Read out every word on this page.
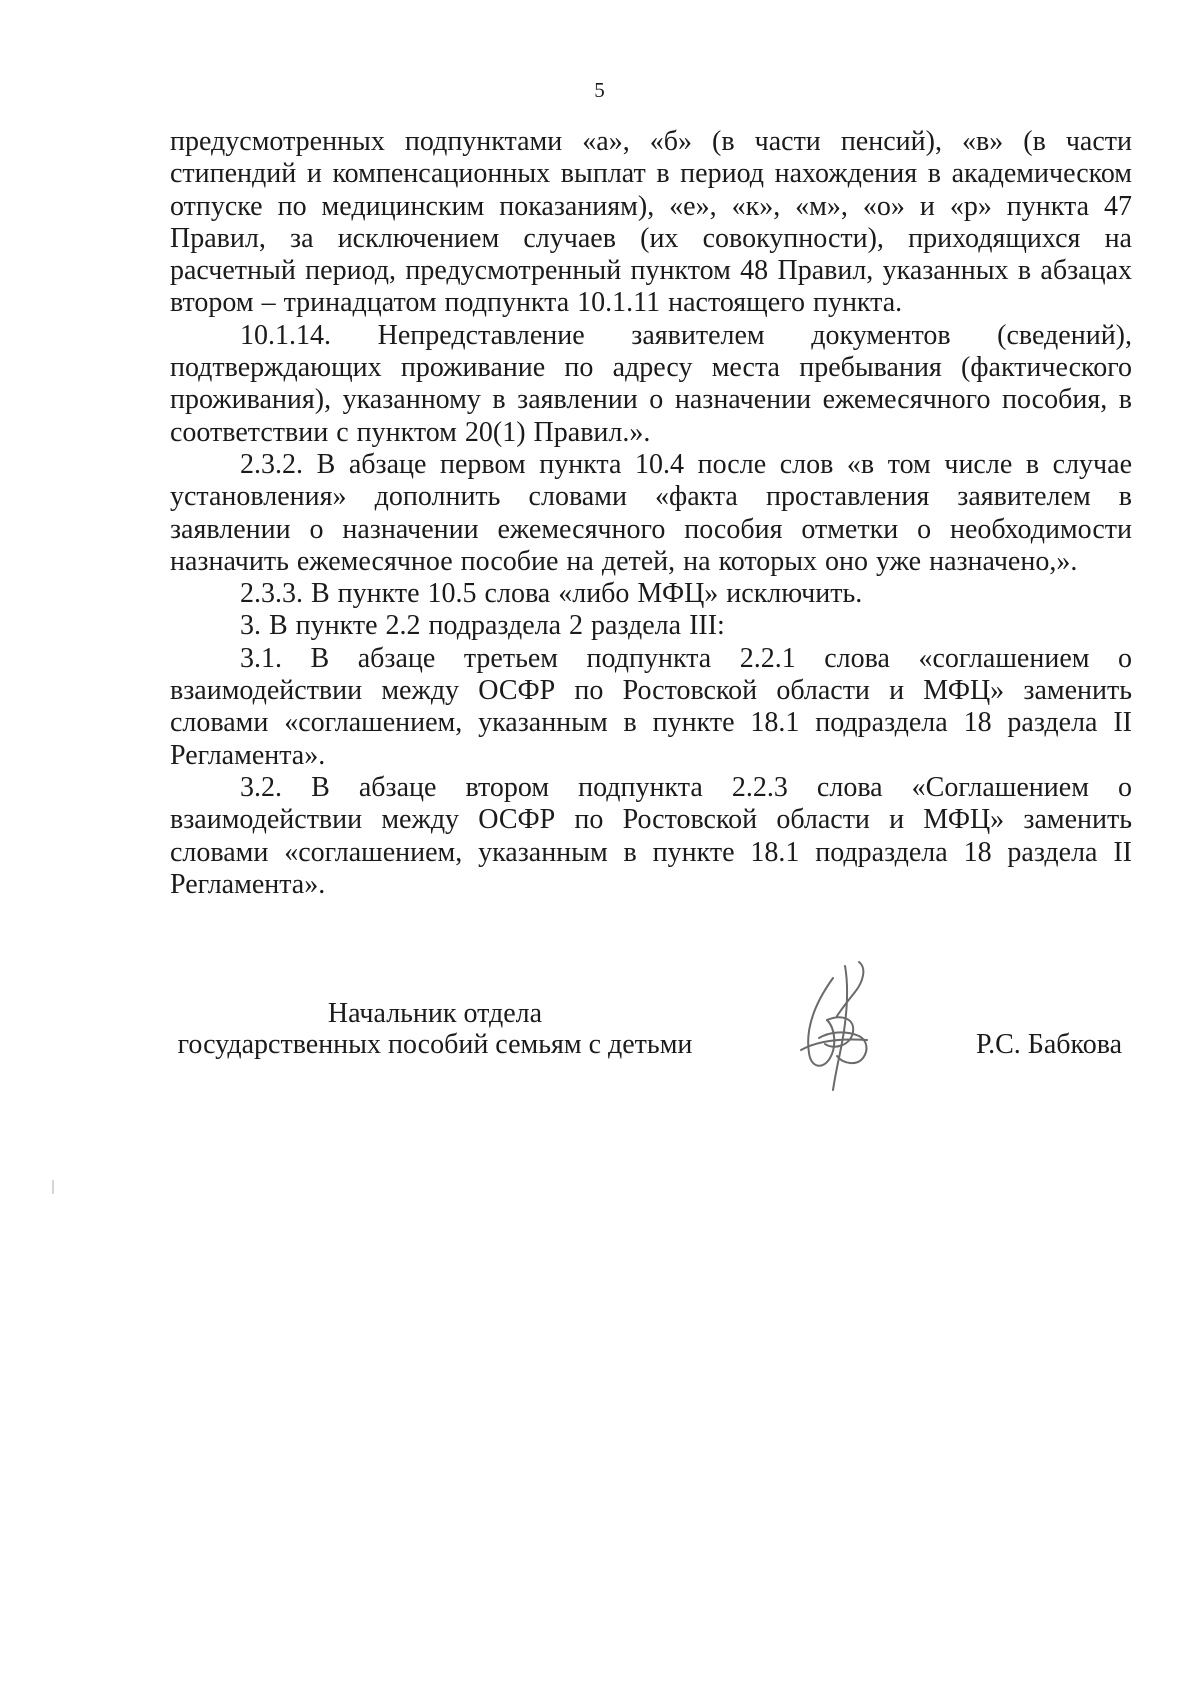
5

предусмотренных подпунктами «а», «б» (в части пенсий), «в» (в части стипендий и компенсационных выплат в период нахождения в академическом отпуске по медицинским показаниям), «е», «к», «м», «о» и «р» пункта 47 Правил, за исключением случаев (их совокупности), приходящихся на расчетный период, предусмотренный пунктом 48 Правил, указанных в абзацах втором – тринадцатом подпункта 10.1.11 настоящего пункта.

10.1.14. Непредставление заявителем документов (сведений), подтверждающих проживание по адресу места пребывания (фактического проживания), указанному в заявлении о назначении ежемесячного пособия, в соответствии с пунктом 20(1) Правил.».

2.3.2. В абзаце первом пункта 10.4 после слов «в том числе в случае установления» дополнить словами «факта проставления заявителем в заявлении о назначении ежемесячного пособия отметки о необходимости назначить ежемесячное пособие на детей, на которых оно уже назначено,».

2.3.3. В пункте 10.5 слова «либо МФЦ» исключить.

3. В пункте 2.2 подраздела 2 раздела III:

3.1. В абзаце третьем подпункта 2.2.1 слова «соглашением о взаимодействии между ОСФР по Ростовской области и МФЦ» заменить словами «соглашением, указанным в пункте 18.1 подраздела 18 раздела II Регламента».

3.2. В абзаце втором подпункта 2.2.3 слова «Соглашением о взаимодействии между ОСФР по Ростовской области и МФЦ» заменить словами «соглашением, указанным в пункте 18.1 подраздела 18 раздела II Регламента».

Начальник отдела
государственных пособий семьям с детьми	Р.С. Бабкова
